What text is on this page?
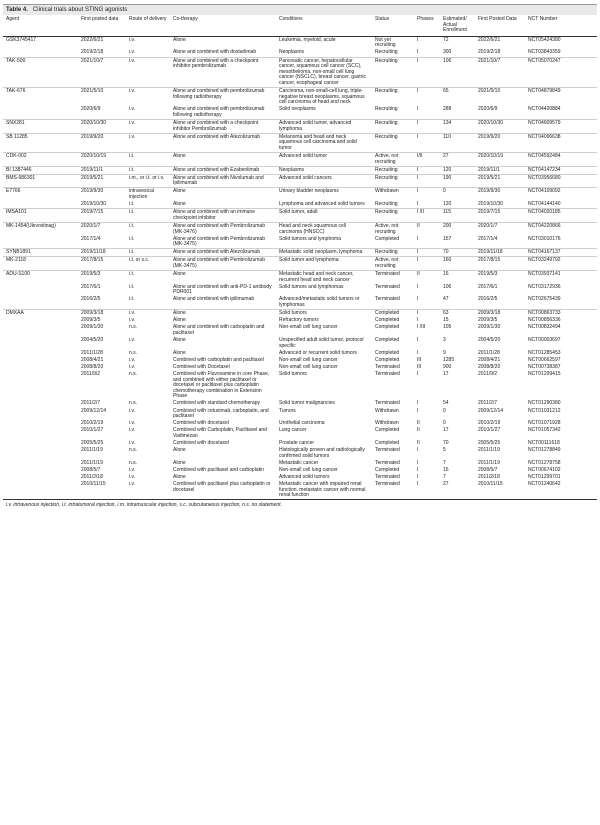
Table 4. Clinical trials about STING agonists
Agent	First posted data	Route of delivery	Co-therapy	Conditions	Status	Phases	Estimated/ Actual Enrollment	First Posted Data	NCT Number
GSK3745417	2022/6/21	i.v.	Alone	Leukemia, myeloid, acute	Not yet recruiting	I	72	2022/6/21	NCT05424380
	2019/2/18	i.v.	Alone and combined with dostarlimab	Neoplasms	Recruiting	I	300	2019/2/18	NCT03843359
TAK-500	2021/10/7	i.v.	Alone and combined with a checkpoint inhibitor pembrolizumab	Pancreatic cancer, hepatocellular cancer, squamous cell cancer (SCC), mesothelioma, non-small cell lung cancer (NSCLC), breast cancer, gastric cancer, esophageal cancer	Recruiting	I	106	2021/10/7	NCT05070247
TAK-676	2021/5/10	i.v.	Alone and combined with pembrolizumab following radiotherapy	Carcinoma, non-small-cell lung, triple-negative breast neoplasms, squamous cell carcinoma of head and neck	Recruiting	I	65	2021/5/10	NCT04879849
	2020/6/9	i.v.	Alone and combined with pembrolizumab following radiotherapy	Solid neoplasms	Recruiting	I	288	2020/6/9	NCT04420884
SNX281	2020/10/30	i.v.	Alone and combined with a checkpoint inhibitor Pembrolizumab	Advanced solid tumor, advanced lymphoma	Recruiting	I	134	2020/10/30	NCT04609579
SB 11285	2019/9/20	i.v.	Alone and combined with Atezolizumab	Melanoma and head and neck squamous cell carcinoma and solid tumor	Recruiting	I	110	2019/9/20	NCT04096638
CDK-002	2020/10/19	i.t.	Alone	Advanced solid tumor	Active, not recruiting	I/II	27	2020/10/19	NCT04592484
BI 1387446	2019/11/1	i.t.	Alone and combined with Ezabenlimab	Neoplasms	Recruiting	I	120	2019/11/1	NCT04147234
BMS-986301	2019/5/21	i.m., or i.t. or i.v.	Alone and combined with Nivolumab and Ipilimumab	Advanced solid cancers	Recruiting	I	190	2019/5/21	NCT03956680
E7766	2019/9/30	intravesical injection	Alone	Urinary bladder neoplasms	Withdrawn	I	0	2019/9/30	NCT04109092
	2019/10/30	i.t.	Alone	Lymphoma and advanced solid tumors	Recruiting	I	120	2019/10/30	NCT04144140
IMSA101	2019/7/15	i.t.	Alone and combined with an immune checkpoint inhibitor	Solid tumor, adult	Recruiting	I /II	115	2019/7/15	NCT04020185
MK-1454(Ulevostinag)	2020/1/7	i.t.	Alone and combined with Pembrolizumab (MK-3476)	Head and neck squamous cell carcinoma (HNSCC)	Active, not recruiting	II	200	2020/1/7	NCT04220866
	2017/1/4	i.t.	Alone and combined with Pembrolizumab (MK-3475)	Solid tumors and lymphoma	Completed	I	157	2017/1/4	NCT03010176
SYNB1891	2019/11/18	i.t.	Alone and combined with Atezolizumab	Metastatic solid neoplasm, lymphoma	Recruiting	I	70	2019/11/18	NCT04167137
MK-2118	2017/8/15	i.t. or s.c.	Alone and combined with Pembrolizumab (MK-3475)	Solid tumor and lymphoma	Active, not recruiting	I	160	2017/8/15	NCT03249792
ADU-S100	2019/5/3	i.t.	Alone	Metastatic head and neck cancer, recurrent head and neck cancer	Terminated	II	16	2019/5/3	NCT03937141
	2017/6/1	i.t.	Alone and combined with anti-PD-1 antibody PDR001	Solid tumors and lymphomas	Terminated	I	106	2017/6/1	NCT03172936
	2016/2/5	i.t.	Alone and combined with ipilimumab	Advanced/metastatic solid tumors or lymphomas	Terminated	I	47	2016/2/5	NCT02675439
DMXAA	2009/3/18	i.v.	Alone	Solid tumors	Completed	I	63	2009/3/18	NCT00863733
	2009/3/5	i.v.	Alone	Refractory tumors	Completed	I	15	2009/3/5	NCT00856336
	2009/1/30	n.s.	Alone and combined with carboplatin and paclitaxel	Non-small cell lung cancer	Completed	I /III	105	2009/1/30	NCT00832494
	2004/5/20	i.v.	Alone	Unspecified adult solid tumor, protocol specific	Completed	I	3	2004/5/20	NCT00003697
	2011/1/28	n.s.	Alone	Advanced or recurrent solid tumors	Completed	I	9	2011/1/28	NCT01285453
	2008/4/21	i.v.	Combined with carboplatin and paclitaxel	Non-small cell lung cancer	Completed	III	1285	2008/4/21	NCT00662597
	2008/8/20	i.v.	Combined with Docetaxel	Non-small cell lung cancer	Terminated	III	900	2008/8/20	NCT00738387
	2011/9/2	n.s.	Combined with Fluvoxamine in core Phase, and combined with either paclitaxel or docetaxel or paclitaxel plus carboplatin chemotherapy combination in Extension Phase	Solid tumors	Terminated	I	17	2011/9/2	NCT01299415
	2011/2/7	n.s.	Combined with standard chemotherapy	Solid tumor malignancies	Terminated	I	54	2011/2/7	NCT01290380
	2009/12/14	i.v.	Combined with cetuximab, carboplatin, and paclitaxel	Tumors	Withdrawn	I	0	2009/12/14	NCT01031212
	2010/2/19	i.v.	Combined with docetaxel	Urothelial carcinoma	Withdrawn	II	0	2010/2/19	NCT01071928
	2010/1/27	i.v.	Combined with Carboplatin, Paclitaxel and Vadimezan	Lung cancer	Completed	II	17	2010/1/27	NCT01057342
	2005/5/25	i.v.	Combined with docetaxel	Prostate cancer	Completed	II	70	2005/5/25	NCT00111618
	2011/1/19	n.s.	Alone	Histologically proven and radiologically confirmed solid tumors	Terminated	I	5	2011/1/19	NCT01278849
	2011/1/19	n.s.	Alone	Metastatic cancer	Terminated	I	7	2011/1/19	NCT01278758
	2008/5/7	i.v.	Combined with paclitaxel and carboplatin	Non-small cell lung cancer	Completed	I	15	2008/5/7	NCT00674102
	2011/2/18	i.v.	Alone	Advanced solid tumors	Terminated	I	7	2011/2/18	NCT01299701
	2010/11/15	i.v.	Combined with paclitaxel plus carboplatin or docetaxel	Metastatic cancer with impaired renal function, metastatic cancer with normal renal function	Terminated	I	27	2010/11/15	NCT01240642
i.v. intravenous injection, i.t. intratumoral injection, i.m. intramuscular injection, s.c. subcutaneous injection, n.s. no statement.
